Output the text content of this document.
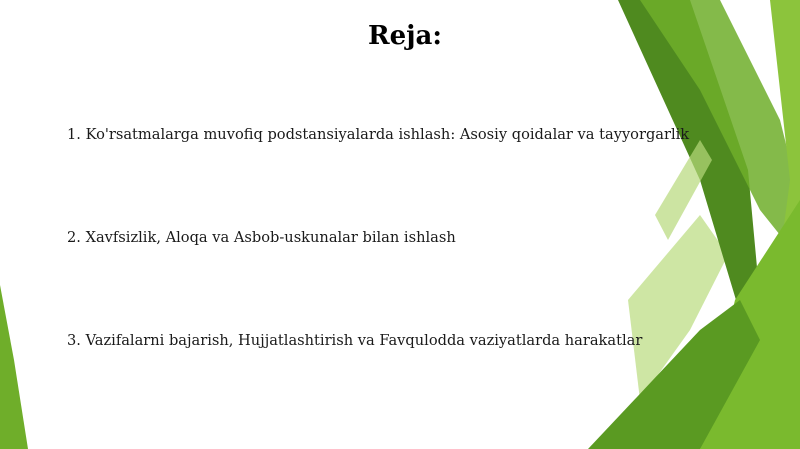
Reja:
1. Ko'rsatmalarga muvofiq podstansiyalarda ishlash: Asosiy qoidalar va tayyorgarlik
2. Xavfsizlik, Aloqa va Asbob-uskunalar bilan ishlash
3. Vazifalarni bajarish, Hujjatlashtirish va Favqulodda vaziyatlarda harakatlar
